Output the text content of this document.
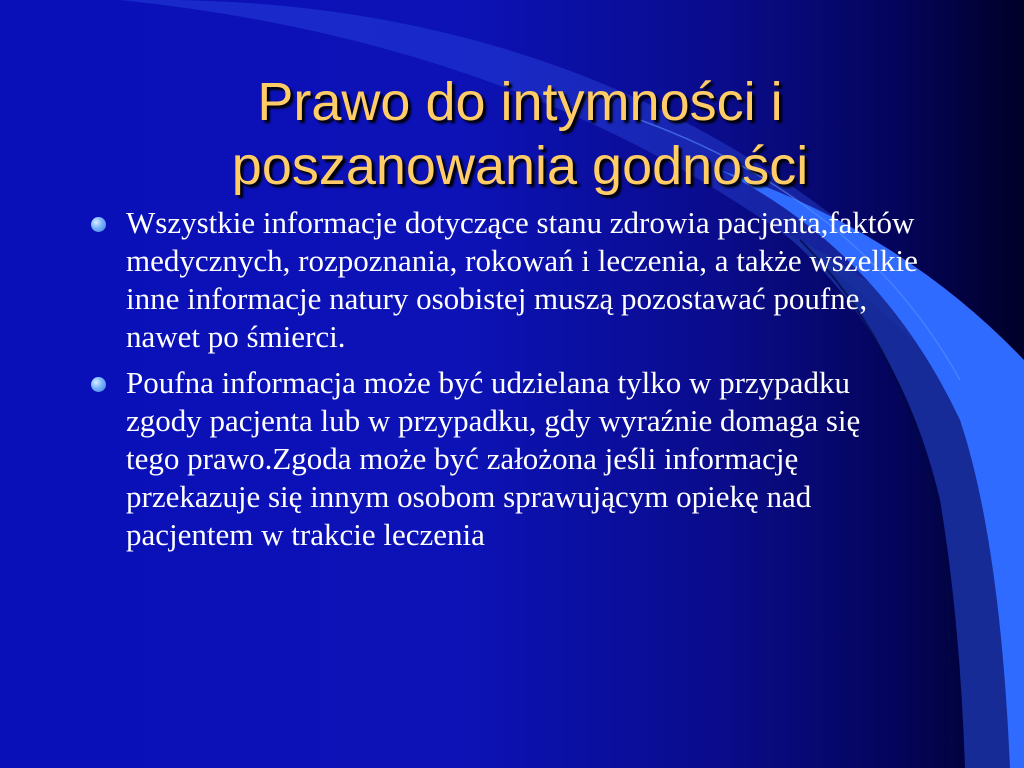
Prawo do intymności i poszanowania godności
Wszystkie informacje dotyczące stanu zdrowia pacjenta,faktów medycznych, rozpoznania, rokowań i leczenia, a także wszelkie inne informacje natury osobistej muszą pozostawać poufne, nawet po śmierci.
Poufna informacja może być udzielana tylko w przypadku zgody pacjenta lub w przypadku, gdy wyraźnie domaga się tego prawo.Zgoda może być założona jeśli informację przekazuje się innym osobom sprawującym opiekę nad pacjentem w trakcie leczenia
